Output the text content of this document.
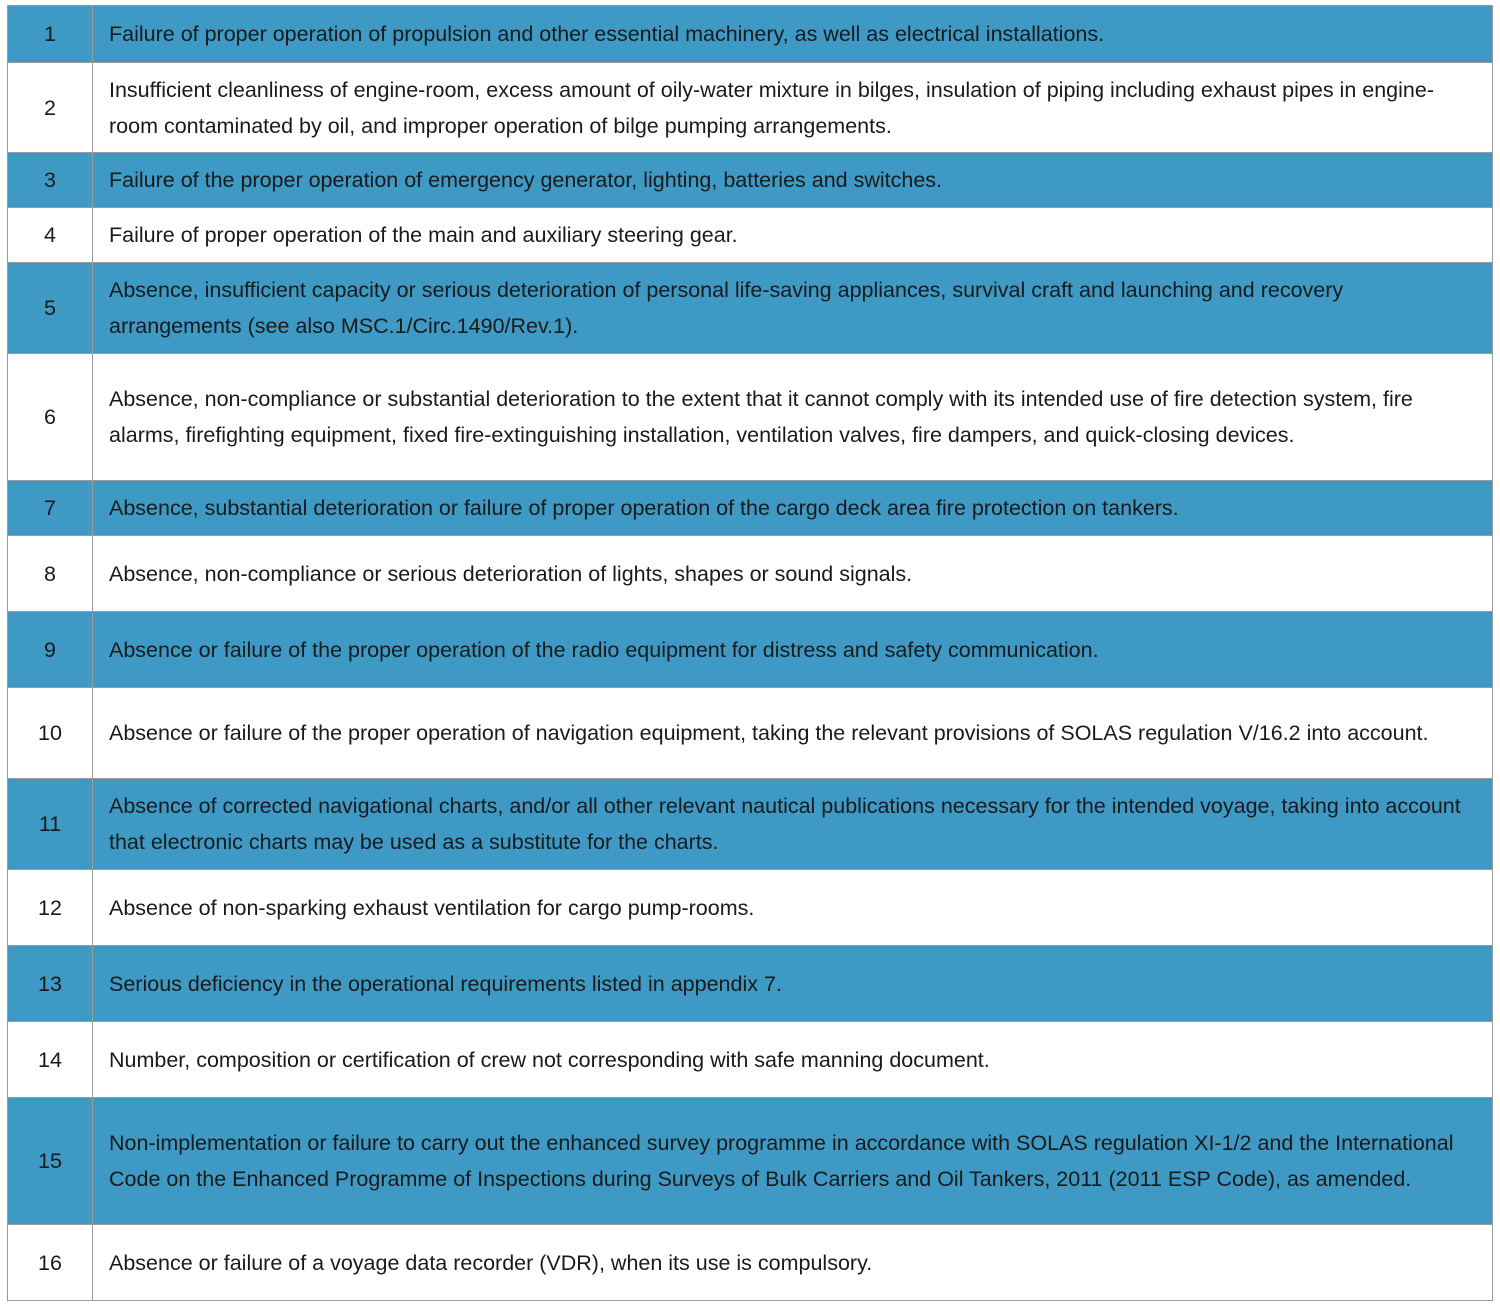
1	Failure of proper operation of propulsion and other essential machinery, as well as electrical installations.
2	Insufficient cleanliness of engine-room, excess amount of oily-water mixture in bilges, insulation of piping including exhaust pipes in engine-room contaminated by oil, and improper operation of bilge pumping arrangements.
3	Failure of the proper operation of emergency generator, lighting, batteries and switches.
4	Failure of proper operation of the main and auxiliary steering gear.
5	Absence, insufficient capacity or serious deterioration of personal life-saving appliances, survival craft and launching and recovery arrangements (see also MSC.1/Circ.1490/Rev.1).
6	Absence, non-compliance or substantial deterioration to the extent that it cannot comply with its intended use of fire detection system, fire alarms, firefighting equipment, fixed fire-extinguishing installation, ventilation valves, fire dampers, and quick-closing devices.
7	Absence, substantial deterioration or failure of proper operation of the cargo deck area fire protection on tankers.
8	Absence, non-compliance or serious deterioration of lights, shapes or sound signals.
9	Absence or failure of the proper operation of the radio equipment for distress and safety communication.
10	Absence or failure of the proper operation of navigation equipment, taking the relevant provisions of SOLAS regulation V/16.2 into account.
11	Absence of corrected navigational charts, and/or all other relevant nautical publications necessary for the intended voyage, taking into account that electronic charts may be used as a substitute for the charts.
12	Absence of non-sparking exhaust ventilation for cargo pump-rooms.
13	Serious deficiency in the operational requirements listed in appendix 7.
14	Number, composition or certification of crew not corresponding with safe manning document.
15	Non-implementation or failure to carry out the enhanced survey programme in accordance with SOLAS regulation XI-1/2 and the International Code on the Enhanced Programme of Inspections during Surveys of Bulk Carriers and Oil Tankers, 2011 (2011 ESP Code), as amended.
16	Absence or failure of a voyage data recorder (VDR), when its use is compulsory.
